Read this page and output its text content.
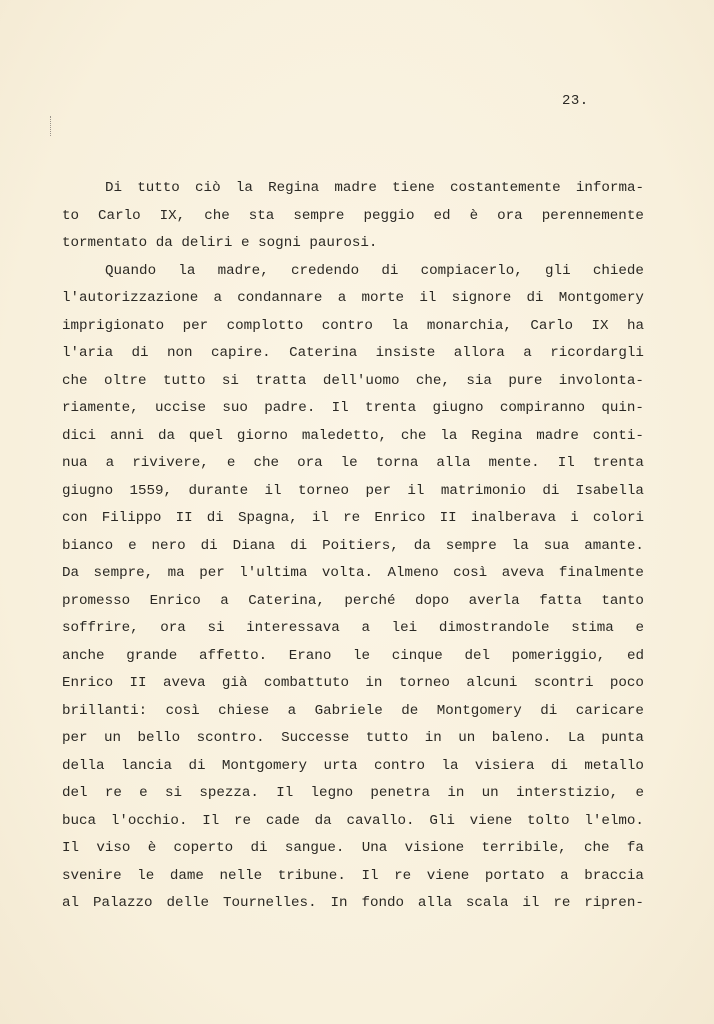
23.
Di tutto ciò la Regina madre tiene costantemente informa-
to Carlo IX, che sta sempre peggio ed è ora perennemente
tormentato da deliri e sogni paurosi.
Quando la madre, credendo di compiacerlo, gli chiede
l'autorizzazione a condannare a morte il signore di Montgomery
imprigionato per complotto contro la monarchia, Carlo IX ha
l'aria di non capire. Caterina insiste allora a ricordargli
che oltre tutto si tratta dell'uomo che, sia pure involonta-
riamente, uccise suo padre. Il trenta giugno compiranno quin-
dici anni da quel giorno maledetto, che la Regina madre conti-
nua a rivivere, e che ora le torna alla mente. Il trenta
giugno 1559, durante il torneo per il matrimonio di Isabella
con Filippo II di Spagna, il re Enrico II inalberava i colori
bianco e nero di Diana di Poitiers, da sempre la sua amante.
Da sempre, ma per l'ultima volta. Almeno così aveva finalmente
promesso Enrico a Caterina, perché dopo averla fatta tanto
soffrire, ora si interessava a lei dimostrandole stima e
anche grande affetto. Erano le cinque del pomeriggio, ed
Enrico II aveva già combattuto in torneo alcuni scontri poco
brillanti: così chiese a Gabriele de Montgomery di caricare
per un bello scontro. Successe tutto in un baleno. La punta
della lancia di Montgomery urta contro la visiera di metallo
del re e si spezza. Il legno penetra in un interstizio, e
buca l'occhio. Il re cade da cavallo. Gli viene tolto l'elmo.
Il viso è coperto di sangue. Una visione terribile, che fa
svenire le dame nelle tribune. Il re viene portato a braccia
al Palazzo delle Tournelles. In fondo alla scala il re ripren-
